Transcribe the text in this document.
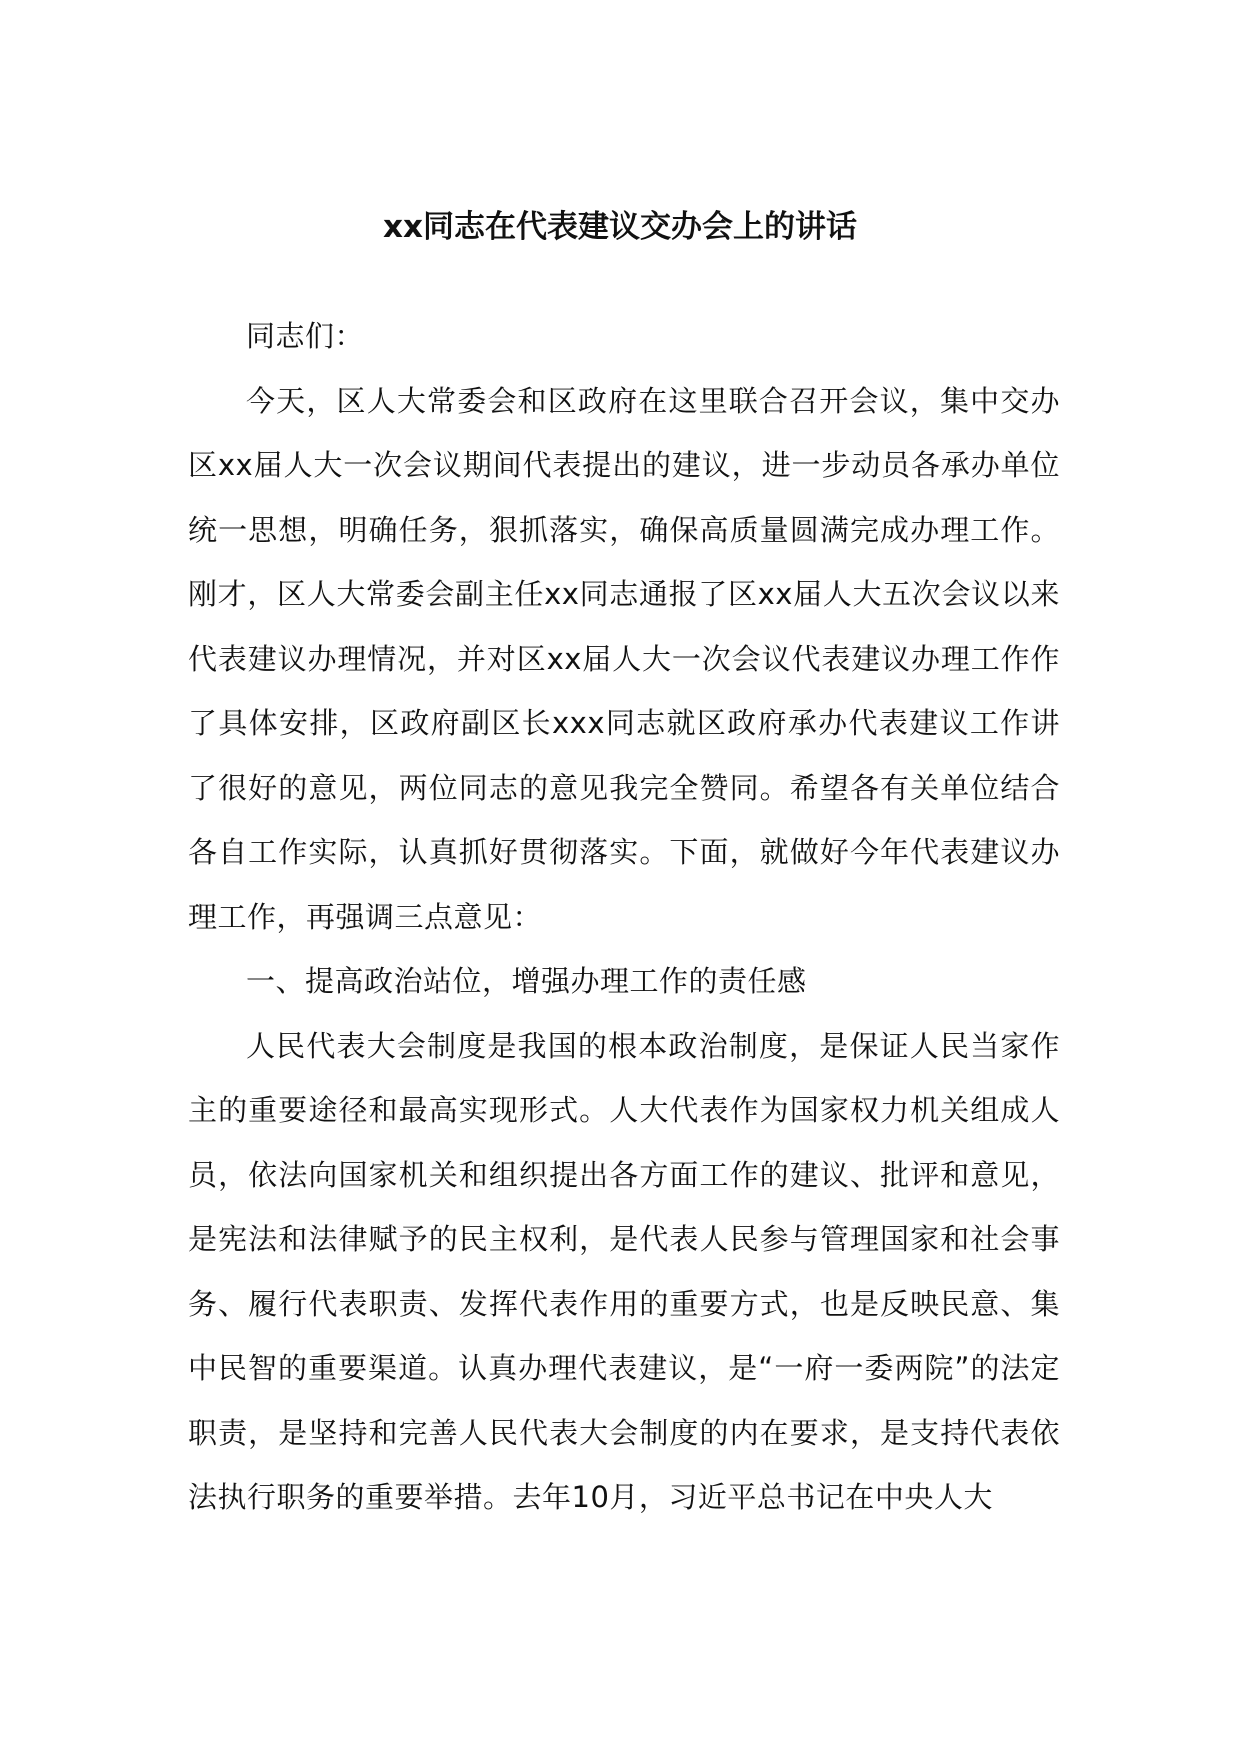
xx同志在代表建议交办会上的讲话

同志们：

今天，区人大常委会和区政府在这里联合召开会议，集中交办区xx届人大一次会议期间代表提出的建议，进一步动员各承办单位统一思想，明确任务，狠抓落实，确保高质量圆满完成办理工作。刚才，区人大常委会副主任xx同志通报了区xx届人大五次会议以来代表建议办理情况，并对区xx届人大一次会议代表建议办理工作作了具体安排，区政府副区长xxx同志就区政府承办代表建议工作讲了很好的意见，两位同志的意见我完全赞同。希望各有关单位结合各自工作实际，认真抓好贯彻落实。下面，就做好今年代表建议办理工作，再强调三点意见：

一、提高政治站位，增强办理工作的责任感

人民代表大会制度是我国的根本政治制度，是保证人民当家作主的重要途径和最高实现形式。人大代表作为国家权力机关组成人员，依法向国家机关和组织提出各方面工作的建议、批评和意见，是宪法和法律赋予的民主权利，是代表人民参与管理国家和社会事务、履行代表职责、发挥代表作用的重要方式，也是反映民意、集中民智的重要渠道。认真办理代表建议，是“一府一委两院”的法定职责，是坚持和完善人民代表大会制度的内在要求，是支持代表依法执行职务的重要举措。去年10月，习近平总书记在中央人大
